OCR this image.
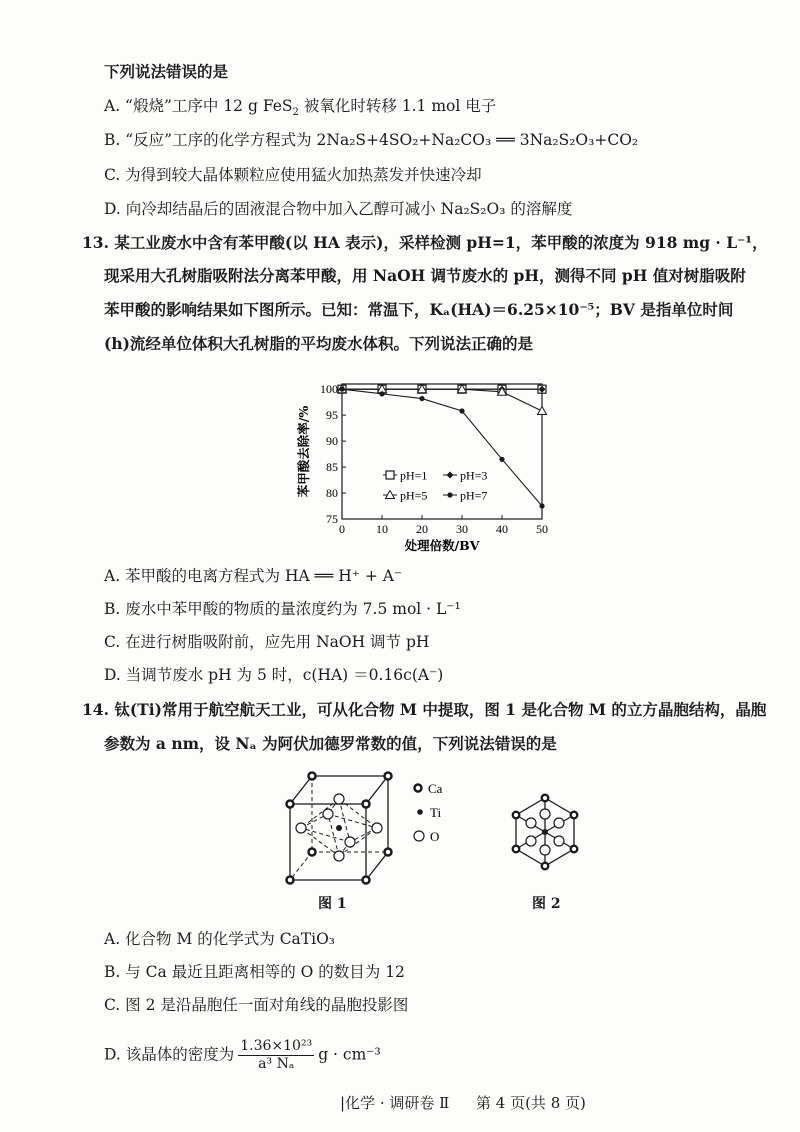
下列说法错误的是
A. “煅烧”工序中 12 g FeS$_2$ 被氧化时转移 1.1 mol 电子
B. “反应”工序的化学方程式为 2Na₂S+4SO₂+Na₂CO₃ ══ 3Na₂S₂O₃+CO₂
C. 为得到较大晶体颗粒应使用猛火加热蒸发并快速冷却
D. 向冷却结晶后的固液混合物中加入乙醇可减小 Na₂S₂O₃ 的溶解度
13. 某工业废水中含有苯甲酸(以 HA 表示)，采样检测 pH=1，苯甲酸的浓度为 918 mg · L⁻¹，
现采用大孔树脂吸附法分离苯甲酸，用 NaOH 调节废水的 pH，测得不同 pH 值对树脂吸附
苯甲酸的影响结果如下图所示。已知：常温下，Kₐ(HA)＝6.25×10⁻⁵；BV 是指单位时间
(h)流经单位体积大孔树脂的平均废水体积。下列说法正确的是
0	10 20 30 40 50
75
80
85
90
95
100
处理倍数/BV
苯甲酸去除率/%	pH=1	pH=3
pH=5	pH=7
A. 苯甲酸的电离方程式为 HA ══ H⁺ + A⁻
B. 废水中苯甲酸的物质的量浓度约为 7.5 mol · L⁻¹
C. 在进行树脂吸附前，应先用 NaOH 调节 pH
D. 当调节废水 pH 为 5 时，c(HA) ＝0.16c(A⁻)
14. 钛(Ti)常用于航空航天工业，可从化合物 M 中提取，图 1 是化合物 M 的立方晶胞结构，晶胞
参数为 a nm，设 Nₐ 为阿伏加德罗常数的值，下列说法错误的是
Ca
Ti
O
图 1	图 2
A. 化合物 M 的化学式为 CaTiO₃
B. 与 Ca 最近且距离相等的 O 的数目为 12
C. 图 2 是沿晶胞任一面对角线的晶胞投影图
D. 该晶体的密度为 $\frac{\text{1.36×10²³}}{\text{a³ Nₐ}}$ g · cm⁻³
|化学 · 调研卷 Ⅱ 第 4 页(共 8 页)
